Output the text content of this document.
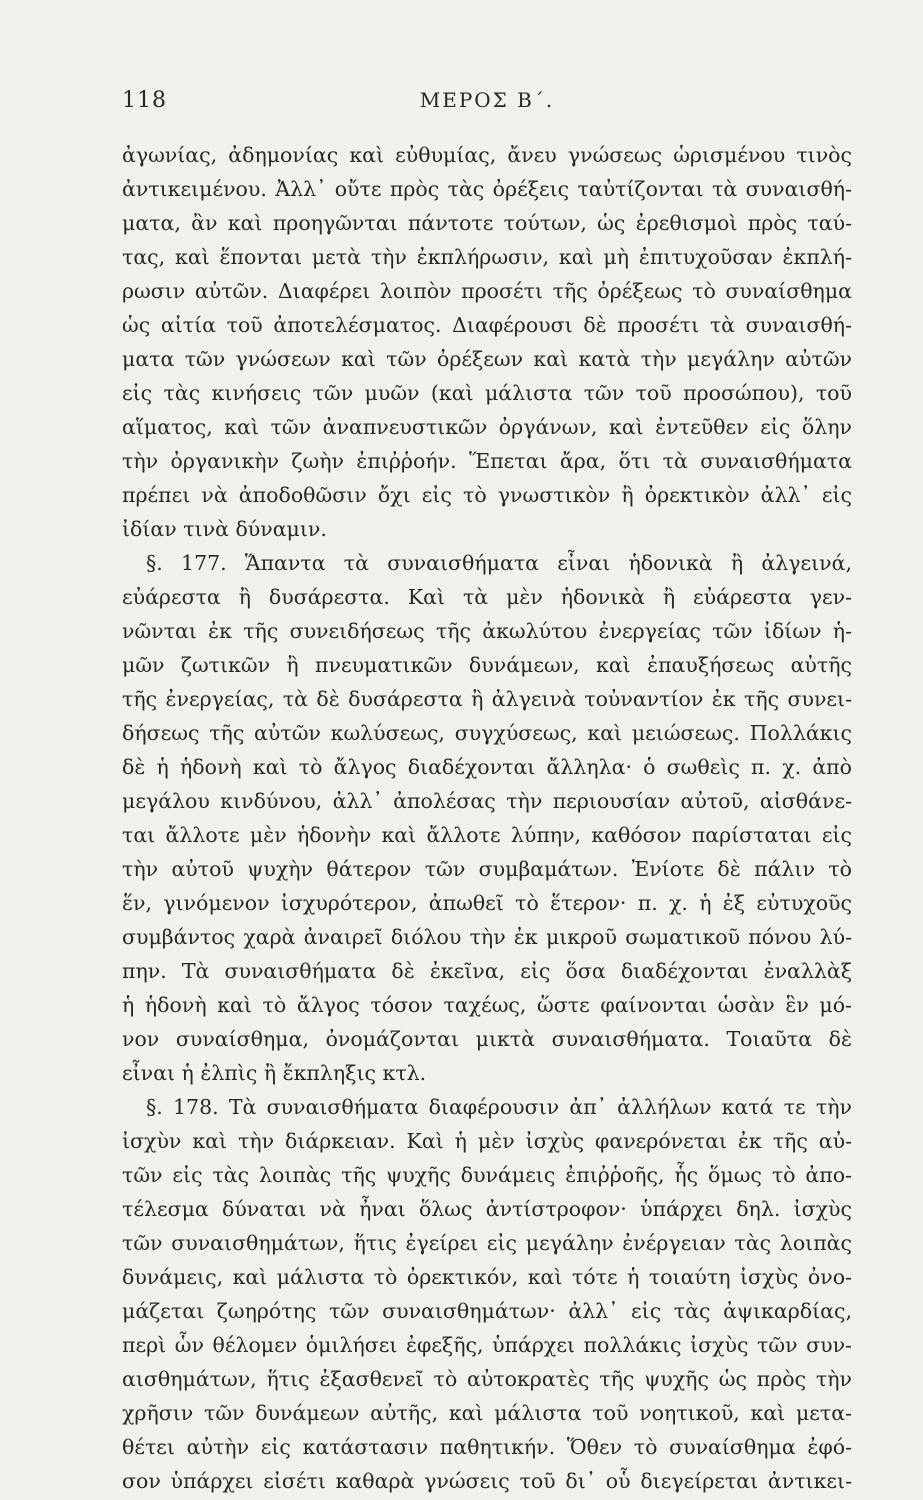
118	ΜΕΡΟΣ Β΄.
ἀγωνίας, ἀδημονίας καὶ εὐθυμίας, ἄνευ γνώσεως ὡρισμένου τινὸς
ἀντικειμένου. Ἀλλ᾽ οὔτε πρὸς τὰς ὀρέξεις ταὐτίζονται τὰ συναισθή-
ματα, ἂν καὶ προηγῶνται πάντοτε τούτων, ὡς ἐρεθισμοὶ πρὸς ταύ-
τας, καὶ ἕπονται μετὰ τὴν ἐκπλήρωσιν, καὶ μὴ ἐπιτυχοῦσαν ἐκπλή-
ρωσιν αὐτῶν. Διαφέρει λοιπὸν προσέτι τῆς ὀρέξεως τὸ συναίσθημα
ὡς αἰτία τοῦ ἀποτελέσματος. Διαφέρουσι δὲ προσέτι τὰ συναισθή-
ματα τῶν γνώσεων καὶ τῶν ὀρέξεων καὶ κατὰ τὴν μεγάλην αὐτῶν
εἰς τὰς κινήσεις τῶν μυῶν (καὶ μάλιστα τῶν τοῦ προσώπου), τοῦ
αἵματος, καὶ τῶν ἀναπνευστικῶν ὀργάνων, καὶ ἐντεῦθεν εἰς ὅλην
τὴν ὀργανικὴν ζωὴν ἐπιῤῥοήν. Ἕπεται ἄρα, ὅτι τὰ συναισθήματα
πρέπει νὰ ἀποδοθῶσιν ὄχι εἰς τὸ γνωστικὸν ἢ ὀρεκτικὸν ἀλλ᾽ εἰς
ἰδίαν τινὰ δύναμιν.
§. 177. Ἅπαντα τὰ συναισθήματα εἶναι ἡδονικὰ ἢ ἀλγεινά,
εὐάρεστα ἢ δυσάρεστα. Καὶ τὰ μὲν ἡδονικὰ ἢ εὐάρεστα γεν-
νῶνται ἐκ τῆς συνειδήσεως τῆς ἀκωλύτου ἐνεργείας τῶν ἰδίων ἡ-
μῶν ζωτικῶν ἢ πνευματικῶν δυνάμεων, καὶ ἐπαυξήσεως αὐτῆς
τῆς ἐνεργείας, τὰ δὲ δυσάρεστα ἢ ἀλγεινὰ τοὐναντίον ἐκ τῆς συνει-
δήσεως τῆς αὐτῶν κωλύσεως, συγχύσεως, καὶ μειώσεως. Πολλάκις
δὲ ἡ ἡδονὴ καὶ τὸ ἄλγος διαδέχονται ἄλληλα· ὁ σωθεὶς π. χ. ἀπὸ
μεγάλου κινδύνου, ἀλλ᾽ ἀπολέσας τὴν περιουσίαν αὐτοῦ, αἰσθάνε-
ται ἄλλοτε μὲν ἡδονὴν καὶ ἄλλοτε λύπην, καθόσον παρίσταται εἰς
τὴν αὐτοῦ ψυχὴν θάτερον τῶν συμβαμάτων. Ἐνίοτε δὲ πάλιν τὸ
ἕν, γινόμενον ἰσχυρότερον, ἀπωθεῖ τὸ ἕτερον· π. χ. ἡ ἐξ εὐτυχοῦς
συμβάντος χαρὰ ἀναιρεῖ διόλου τὴν ἐκ μικροῦ σωματικοῦ πόνου λύ-
πην. Τὰ συναισθήματα δὲ ἐκεῖνα, εἰς ὅσα διαδέχονται ἐναλλὰξ
ἡ ἡδονὴ καὶ τὸ ἄλγος τόσον ταχέως, ὥστε φαίνονται ὡσὰν ἓν μό-
νον συναίσθημα, ὀνομάζονται μικτὰ συναισθήματα. Τοιαῦτα δὲ
εἶναι ἡ ἐλπὶς ἢ ἔκπληξις κτλ.
§. 178. Τὰ συναισθήματα διαφέρουσιν ἀπ᾽ ἀλλήλων κατά τε τὴν
ἰσχὺν καὶ τὴν διάρκειαν. Καὶ ἡ μὲν ἰσχὺς φανερόνεται ἐκ τῆς αὐ-
τῶν εἰς τὰς λοιπὰς τῆς ψυχῆς δυνάμεις ἐπιῤῥοῆς, ἧς ὅμως τὸ ἀπο-
τέλεσμα δύναται νὰ ἦναι ὅλως ἀντίστροφον· ὑπάρχει δηλ. ἰσχὺς
τῶν συναισθημάτων, ἥτις ἐγείρει εἰς μεγάλην ἐνέργειαν τὰς λοιπὰς
δυνάμεις, καὶ μάλιστα τὸ ὀρεκτικόν, καὶ τότε ἡ τοιαύτη ἰσχὺς ὀνο-
μάζεται ζωηρότης τῶν συναισθημάτων· ἀλλ᾽ εἰς τὰς ἀψικαρδίας,
περὶ ὧν θέλομεν ὁμιλήσει ἐφεξῆς, ὑπάρχει πολλάκις ἰσχὺς τῶν συν-
αισθημάτων, ἥτις ἐξασθενεῖ τὸ αὐτοκρατὲς τῆς ψυχῆς ὡς πρὸς τὴν
χρῆσιν τῶν δυνάμεων αὐτῆς, καὶ μάλιστα τοῦ νοητικοῦ, καὶ μετα-
θέτει αὐτὴν εἰς κατάστασιν παθητικήν. Ὅθεν τὸ συναίσθημα ἐφό-
σον ὑπάρχει εἰσέτι καθαρὰ γνώσεις τοῦ δι᾽ οὗ διεγείρεται ἀντικει-
